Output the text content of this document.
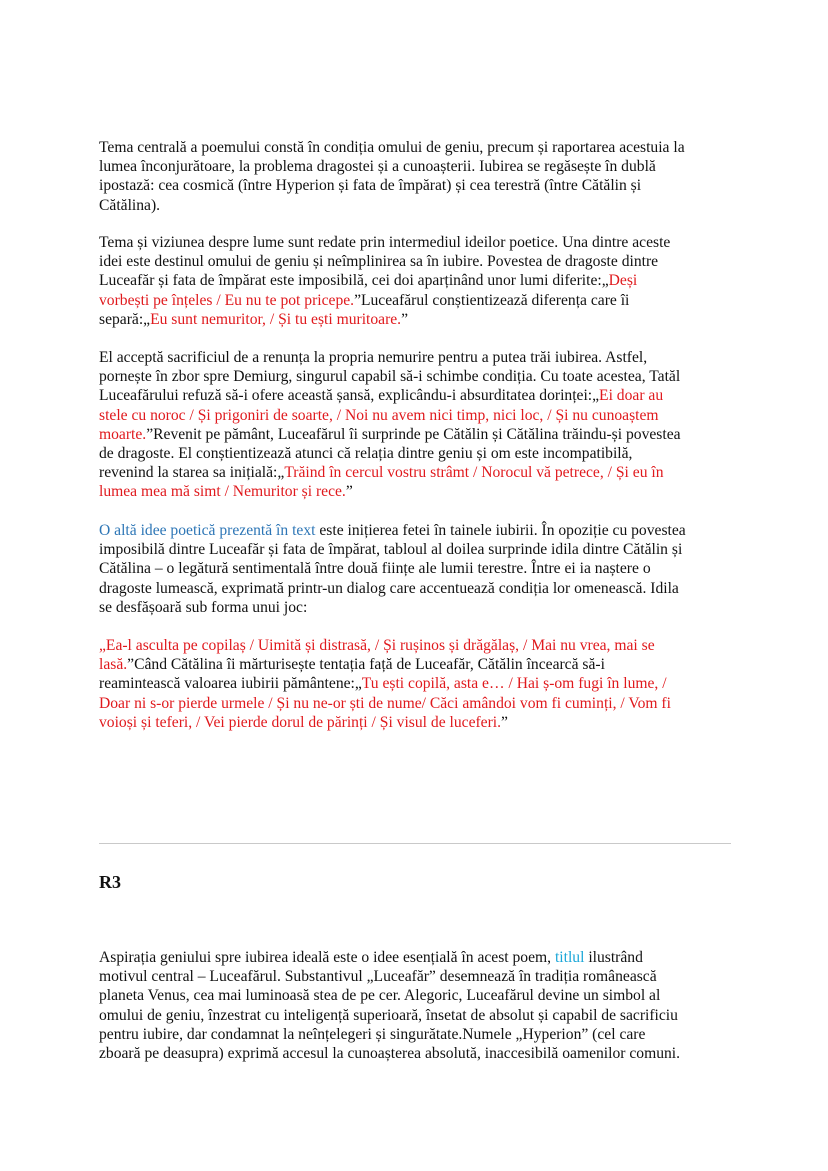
Tema centrală a poemului constă în condiția omului de geniu, precum și raportarea acestuia la
lumea înconjurătoare, la problema dragostei și a cunoașterii. Iubirea se regăsește în dublă
ipostază: cea cosmică (între Hyperion și fata de împărat) și cea terestră (între Cătălin și
Cătălina).

Tema și viziunea despre lume sunt redate prin intermediul ideilor poetice. Una dintre aceste
ideі este destinul omului de geniu și neîmplinirea sa în iubire. Povestea de dragoste dintre
Luceafăr și fata de împărat este imposibilă, cei doi aparținând unor lumi diferite:„Deși
vorbești pe înțeles / Eu nu te pot pricepe.”Luceafărul conștientizează diferența care îi
separă:„Eu sunt nemuritor, / Și tu ești muritoare.”

El acceptă sacrificiul de a renunța la propria nemurire pentru a putea trăi iubirea. Astfel,
pornește în zbor spre Demiurg, singurul capabil să-i schimbe condiția. Cu toate acestea, Tatăl
Luceafărului refuză să-i ofere această șansă, explicându-i absurditatea dorinței:„Ei doar au
stele cu noroc / Și prigoniri de soarte, / Noi nu avem nici timp, nici loc, / Și nu cunoaștem
moarte.”Revenit pe pământ, Luceafărul îi surprinde pe Cătălin și Cătălina trăindu-și povestea
de dragoste. El conștientizează atunci că relația dintre geniu și om este incompatibilă,
revenind la starea sa inițială:„Trăind în cercul vostru strâmt / Norocul vă petrece, / Și eu în
lumea mea mă simt / Nemuritor și rece.”

O altă idee poetică prezentă în text este inițierea fetei în tainele iubirii. În opoziție cu povestea
imposibilă dintre Luceafăr și fata de împărat, tabloul al doilea surprinde idila dintre Cătălin și
Cătălina – o legătură sentimentală între două ființe ale lumii terestre. Între ei ia naștere o
dragoste lumească, exprimată printr-un dialog care accentuează condiția lor omenească. Idila
se desfășoară sub forma unui joc:

„Ea-l asculta pe copilaș / Uimită și distrasă, / Și rușinos și drăgălaș, / Mai nu vrea, mai se
lasă.”Când Cătălina îi mărturisește tentația față de Luceafăr, Cătălin încearcă să-i
reamintească valoarea iubirii pământene:„Tu ești copilă, asta e… / Hai ș-om fugi în lume, /
Doar ni s-or pierde urmele / Și nu ne-or ști de nume/ Căci amândoi vom fi cuminți, / Vom fi
voioși și teferi, / Vei pierde dorul de părinți / Și visul de luceferi.”

R3

Aspirația geniului spre iubirea ideală este o idee esențială în acest poem, titlul ilustrând
motivul central – Luceafărul. Substantivul „Luceafăr” desemnează în tradiția românească
planeta Venus, cea mai luminoasă stea de pe cer. Alegoric, Luceafărul devine un simbol al
omului de geniu, înzestrat cu inteligență superioară, însetat de absolut și capabil de sacrificiu
pentru iubire, dar condamnat la neînțelegeri și singurătate.Numele „Hyperion” (cel care
zboară pe deasupra) exprimă accesul la cunoașterea absolută, inaccesibilă oamenilor comuni.
